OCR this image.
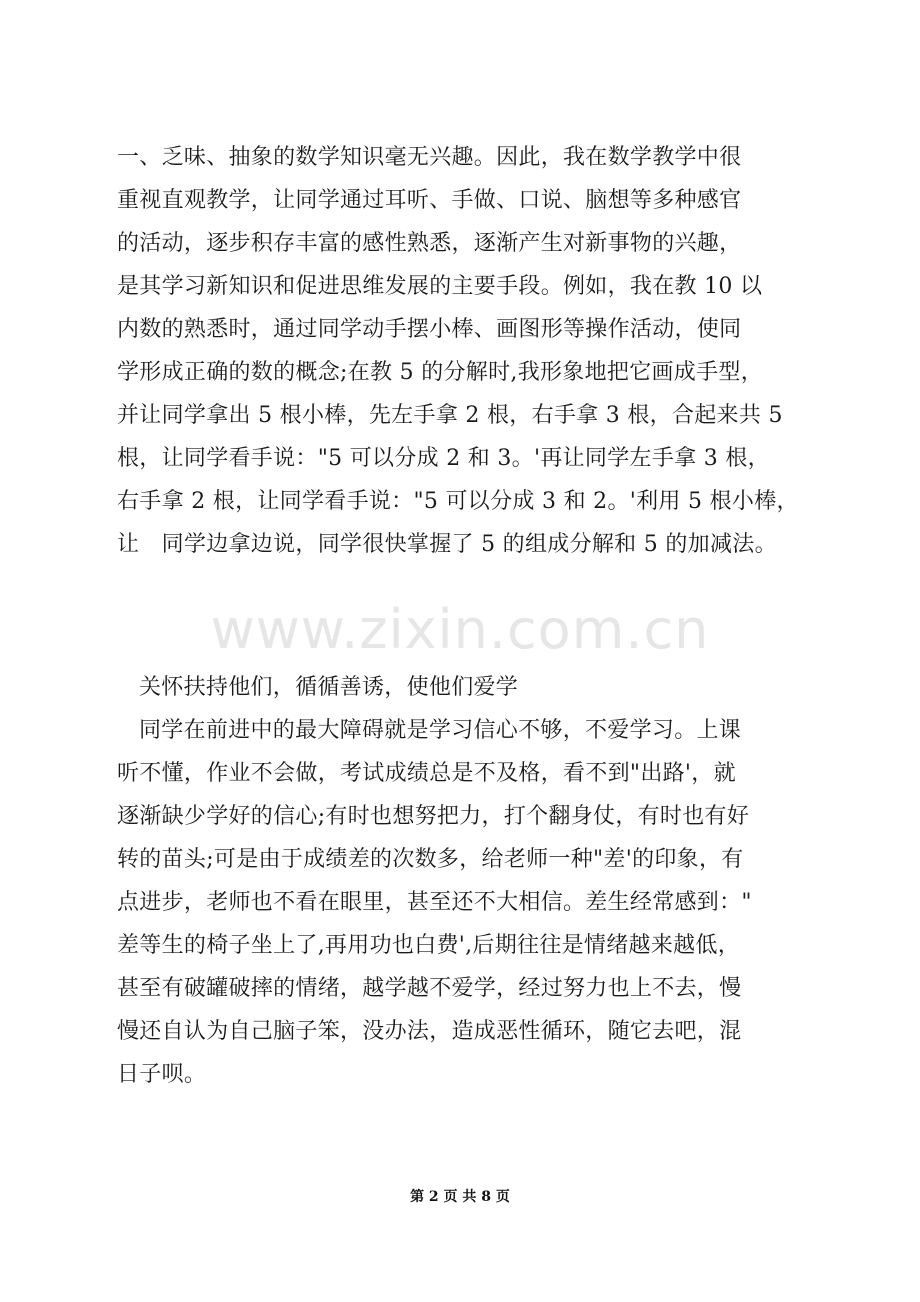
一、乏味、抽象的数学知识毫无兴趣。因此，我在数学教学中很
重视直观教学，让同学通过耳听、手做、口说、脑想等多种感官
的活动，逐步积存丰富的感性熟悉，逐渐产生对新事物的兴趣，
是其学习新知识和促进思维发展的主要手段。例如，我在教 10 以
内数的熟悉时，通过同学动手摆小棒、画图形等操作活动，使同
学形成正确的数的概念;在教 5 的分解时,我形象地把它画成手型，
并让同学拿出 5 根小棒，先左手拿 2 根，右手拿 3 根，合起来共 5
根，让同学看手说："5 可以分成 2 和 3。'再让同学左手拿 3 根，
右手拿 2 根，让同学看手说："5 可以分成 3 和 2。'利用 5 根小棒，
让　同学边拿边说，同学很快掌握了 5 的组成分解和 5 的加减法。
www.zixin.com.cn
关怀扶持他们，循循善诱，使他们爱学
同学在前进中的最大障碍就是学习信心不够，不爱学习。上课
听不懂，作业不会做，考试成绩总是不及格，看不到"出路'，就
逐渐缺少学好的信心;有时也想努把力，打个翻身仗，有时也有好
转的苗头;可是由于成绩差的次数多，给老师一种"差'的印象，有
点进步，老师也不看在眼里，甚至还不大相信。差生经常感到："
差等生的椅子坐上了,再用功也白费',后期往往是情绪越来越低，
甚至有破罐破摔的情绪，越学越不爱学，经过努力也上不去，慢
慢还自认为自己脑子笨，没办法，造成恶性循环，随它去吧，混
日子呗。
第 2 页 共 8 页
